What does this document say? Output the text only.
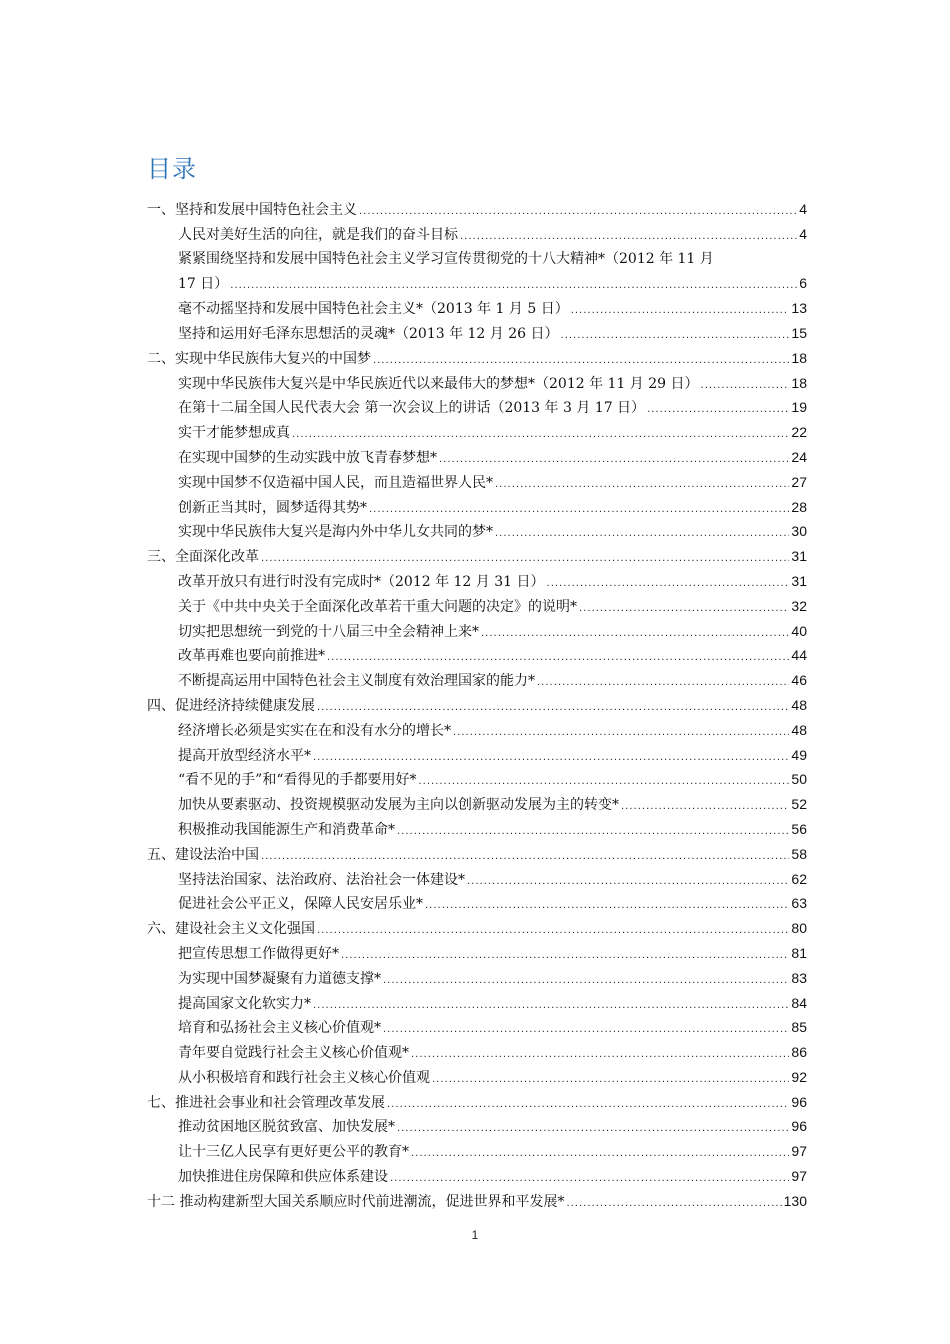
目录
一、坚持和发展中国特色社会主义 .....	4
人民对美好生活的向往，就是我们的奋斗目标 .....	4
紧紧围绕坚持和发展中国特色社会主义学习宣传贯彻党的十八大精神*（2012 年 11 月
17 日） .....	6
毫不动摇坚持和发展中国特色社会主义*（2013 年 1 月 5 日） .....	13
坚持和运用好毛泽东思想活的灵魂*（2013 年 12 月 26 日） .....	15
二、实现中华民族伟大复兴的中国梦 .....	18
实现中华民族伟大复兴是中华民族近代以来最伟大的梦想*（2012 年 11 月 29 日） .....	18
在第十二届全国人民代表大会 第一次会议上的讲话（2013 年 3 月 17 日） .....	19
实干才能梦想成真 .....	22
在实现中国梦的生动实践中放飞青春梦想* .....	24
实现中国梦不仅造福中国人民，而且造福世界人民* .....	27
创新正当其时，圆梦适得其势* .....	28
实现中华民族伟大复兴是海内外中华儿女共同的梦* .....	30
三、全面深化改革 .....	31
改革开放只有进行时没有完成时*（2012 年 12 月 31 日） .....	31
关于《中共中央关于全面深化改革若干重大问题的决定》的说明* .....	32
切实把思想统一到党的十八届三中全会精神上来* .....	40
改革再难也要向前推进* .....	44
不断提高运用中国特色社会主义制度有效治理国家的能力* .....	46
四、促进经济持续健康发展 .....	48
经济增长必须是实实在在和没有水分的增长* .....	48
提高开放型经济水平* .....	49
“看不见的手”和“看得见的手都要用好* .....	50
加快从要素驱动、投资规模驱动发展为主向以创新驱动发展为主的转变* .....	52
积极推动我国能源生产和消费革命* .....	56
五、建设法治中国 .....	58
坚持法治国家、法治政府、法治社会一体建设* .....	62
促进社会公平正义，保障人民安居乐业* .....	63
六、建设社会主义文化强国 .....	80
把宣传思想工作做得更好* .....	81
为实现中国梦凝聚有力道德支撑* .....	83
提高国家文化软实力* .....	84
培育和弘扬社会主义核心价值观* .....	85
青年要自觉践行社会主义核心价值观* .....	86
从小积极培育和践行社会主义核心价值观 .....	92
七、推进社会事业和社会管理改革发展 .....	96
推动贫困地区脱贫致富、加快发展* .....	96
让十三亿人民享有更好更公平的教育* .....	97
加快推进住房保障和供应体系建设 .....	97
十二 推动构建新型大国关系顺应时代前进潮流，促进世界和平发展* .....	130
1
